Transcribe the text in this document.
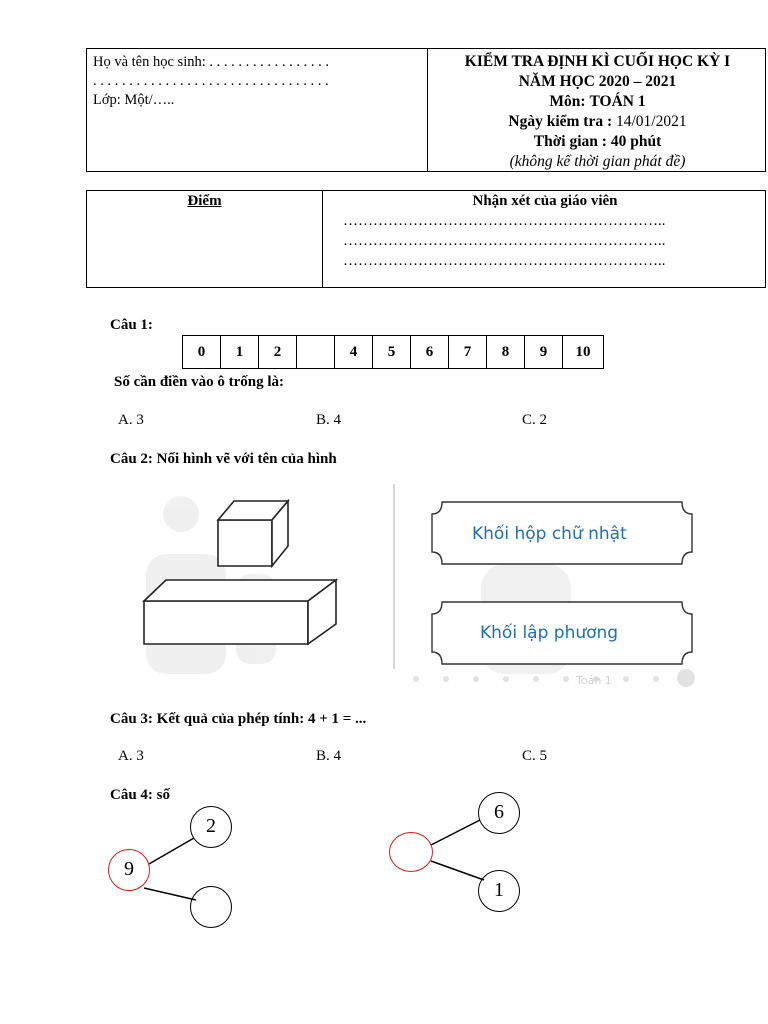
Họ và tên học sinh: . . . . . . . . . . . . . . . . .
. . . . . . . . . . . . . . . . . . . . . . . . . . . . . . . . .
Lớp: Một/…..
KIỂM TRA ĐỊNH KÌ CUỐI HỌC KỲ I
NĂM HỌC 2020 – 2021
Môn: TOÁN 1
Ngày kiểm tra : 14/01/2021
Thời gian : 40 phút
(không kể thời gian phát đề)
Điểm	Nhận xét của giáo viên
………………………………………………………..
………………………………………………………..
………………………………………………………..
Câu 1:
0	1	2	4	5	6	7	8	9	10
Số cần điền vào ô trống là:
A. 3	B. 4	C. 2
Câu 2: Nối hình vẽ với tên của hình
Toán 1
Khối hộp chữ nhật
Khối lập phương
Câu 3: Kết quả của phép tính: 4 + 1 = ...
A. 3	B. 4	C. 5
Câu 4: số
9
2
6
1
